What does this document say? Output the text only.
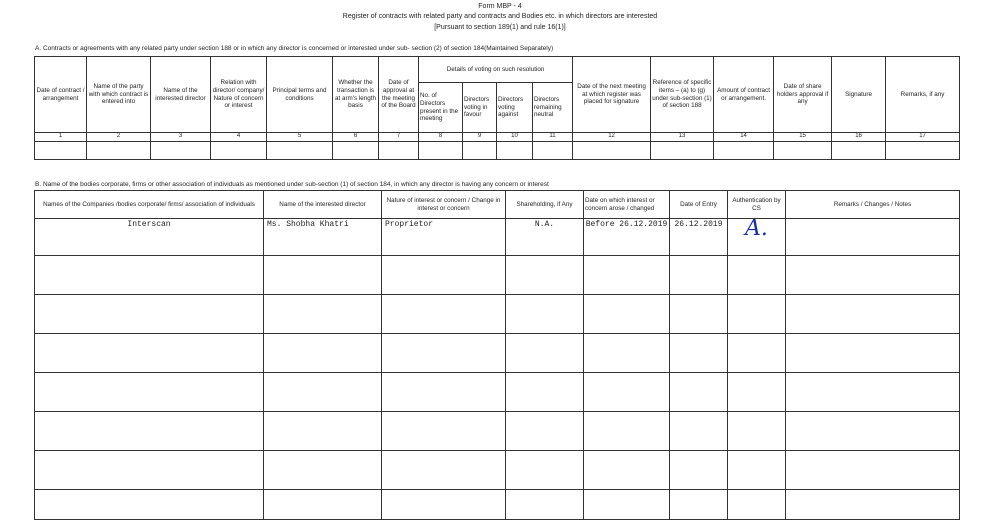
Form MBP - 4
Register of contracts with related party and contracts and Bodies etc. in which directors are interested
[Pursuant to section 189(1) and rule 16(1)]
A. Contracts or agreements with any related party under section 188 or in which any director is concerned or interested under sub- section (2) of section 184(Maintained Separately)
Date of contract / arrangement	Name of the party with which contract is entered into	Name of the interested director	Relation with director/ company/ Nature of concern or interest	Principal terms and conditions	Whether the transaction is at arm's length basis	Date of approval at the meeting of the Board	Details of voting on such resolution				Date of the next meeting at which register was placed for signature	Reference of specific items – (a) to (g) under sub-section (1) of section 188	Amount of contract or arrangement.	Date of share holders approval if any	Signature	Remarks, if any
							No. of Directors present in the meeting	Directors voting in favour	Directors voting against	Directors remaining neutral						
1	2	3	4	5	6	7	8	9	10	11	12	13	14	15	16	17

B. Name of the bodies corporate, firms or other association of individuals as mentioned under sub-section (1) of section 184, in which any director is having any concern or interest
Names of the Companies /bodies corporate/ firms/ association of individuals	Name of the interested director	Nature of interest or concern / Change in interest or concern	Shareholding, if Any	Date on which interest or concern arose / changed	Date of Entry	Authentication by CS	Remarks / Changes / Notes
Interscan	Ms. Shobha Khatri	Proprietor	N.A.	Before 26.12.2019	26.12.2019	A.	
